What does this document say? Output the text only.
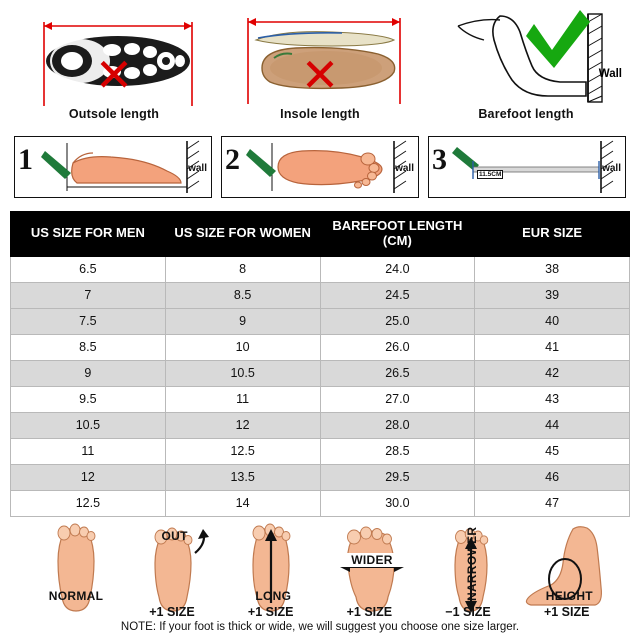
✕
Outsole length
✕
Insole length
Wall
Barefoot length
1	wall 2	wall 3	11.5CM
wall
US SIZE FOR MEN	US SIZE FOR WOMEN	BAREFOOT LENGTH (CM)	EUR SIZE
6.5	8	24.0	38
7	8.5	24.5	39
7.5	9	25.0	40
8.5	10	26.0	41
9	10.5	26.5	42
9.5	11	27.0	43
10.5	12	28.0	44
11	12.5	28.5	45
12	13.5	29.5	46
12.5	14	30.0	47
NORMAL
OUT
+1 SIZE
LONG
+1 SIZE
WIDER
+1 SIZE
NARROWER
−1 SIZE
HEIGHT
+1 SIZE
NOTE: If your foot is thick or wide, we will suggest you choose one size larger.
